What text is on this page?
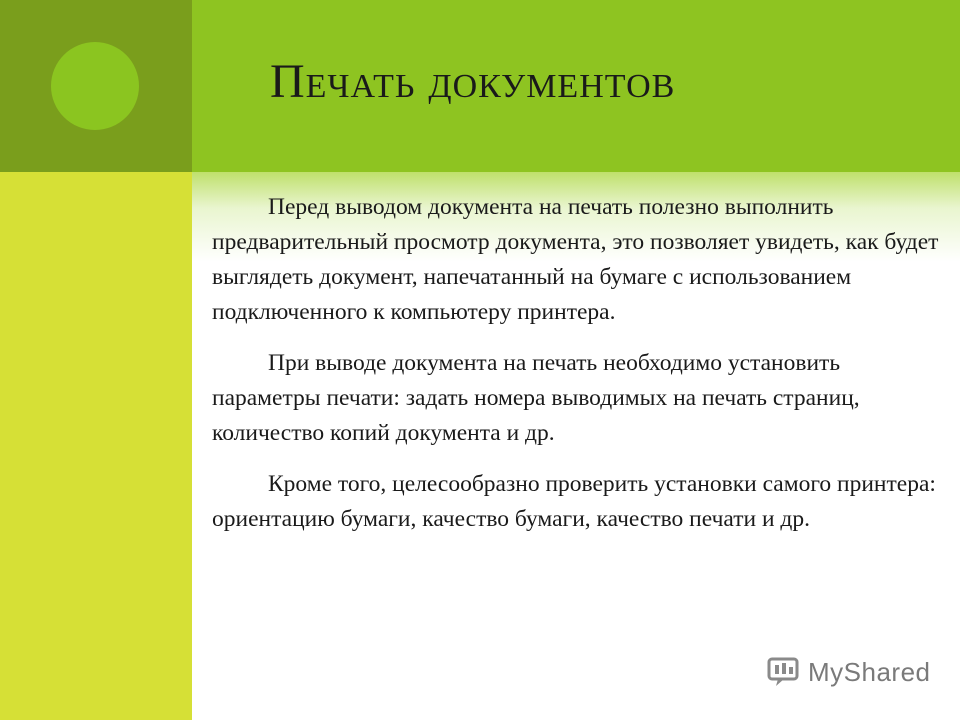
Печать документов

Перед выводом документа на печать полезно выполнить предварительный просмотр документа, это позволяет увидеть, как будет выглядеть документ, напечатанный на бумаге с использованием подключенного к компьютеру принтера.

При выводе документа на печать необходимо установить параметры печати: задать номера выводимых на печать страниц, количество копий документа и др.

Кроме того, целесообразно проверить установки самого принтера: ориентацию бумаги, качество бумаги, качество печати и др.

MyShared
